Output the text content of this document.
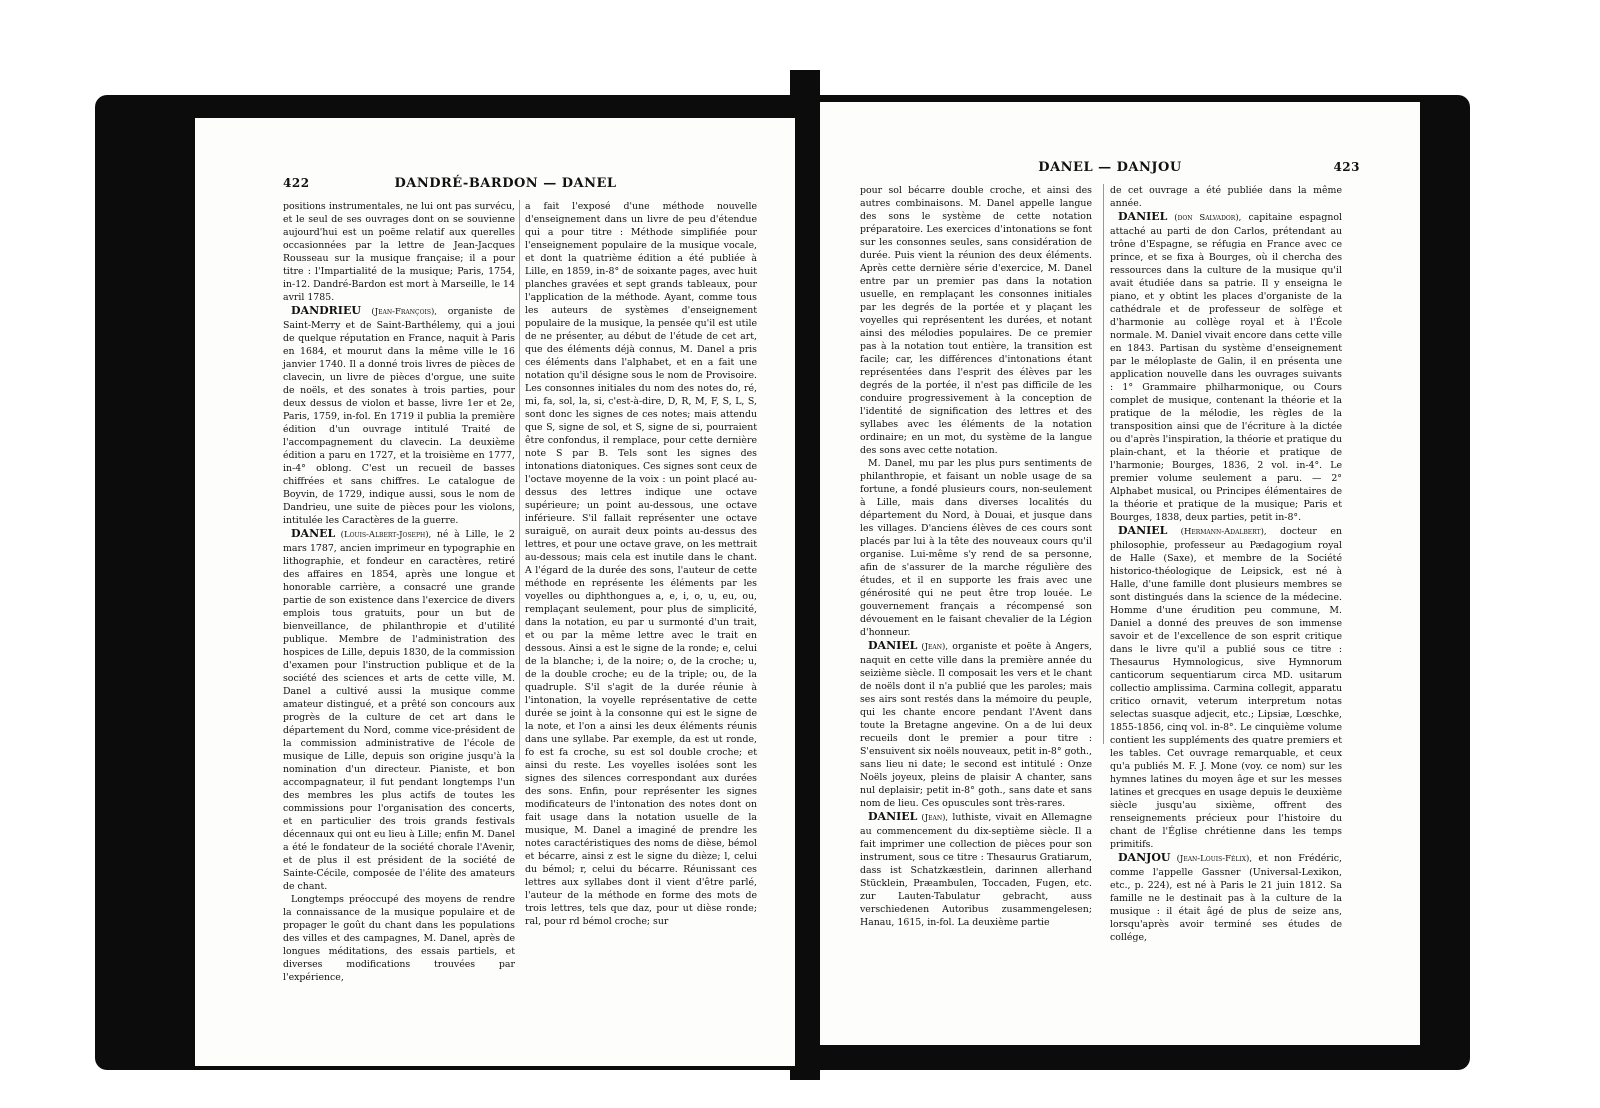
422	DANDRÉ-BARDON — DANEL

positions instrumentales, ne lui ont pas survécu, et le seul de ses ouvrages dont on se souvienne aujourd'hui est un poëme relatif aux querelles occasionnées par la lettre de Jean-Jacques Rousseau sur la musique française; il a pour titre : l'Impartialité de la musique; Paris, 1754, in-12. Dandré-Bardon est mort à Marseille, le 14 avril 1785.

DANDRIEU (Jean-François), organiste de Saint-Merry et de Saint-Barthélemy, qui a joui de quelque réputation en France, naquit à Paris en 1684, et mourut dans la même ville le 16 janvier 1740. Il a donné trois livres de pièces de clavecin, un livre de pièces d'orgue, une suite de noëls, et des sonates à trois parties, pour deux dessus de violon et basse, livre 1er et 2e, Paris, 1759, in-fol. En 1719 il publia la première édition d'un ouvrage intitulé Traité de l'accompagnement du clavecin. La deuxième édition a paru en 1727, et la troisième en 1777, in-4° oblong. C'est un recueil de basses chiffrées et sans chiffres. Le catalogue de Boyvin, de 1729, indique aussi, sous le nom de Dandrieu, une suite de pièces pour les violons, intitulée les Caractères de la guerre.

DANEL (Louis-Albert-Joseph), né à Lille, le 2 mars 1787, ancien imprimeur en typographie en lithographie, et fondeur en caractères, retiré des affaires en 1854, après une longue et honorable carrière, a consacré une grande partie de son existence dans l'exercice de divers emplois tous gratuits, pour un but de bienveillance, de philanthropie et d'utilité publique. Membre de l'administration des hospices de Lille, depuis 1830, de la commission d'examen pour l'instruction publique et de la société des sciences et arts de cette ville, M. Danel a cultivé aussi la musique comme amateur distingué, et a prêté son concours aux progrès de la culture de cet art dans le département du Nord, comme vice-président de la commission administrative de l'école de musique de Lille, depuis son origine jusqu'à la nomination d'un directeur. Pianiste, et bon accompagnateur, il fut pendant longtemps l'un des membres les plus actifs de toutes les commissions pour l'organisation des concerts, et en particulier des trois grands festivals décennaux qui ont eu lieu à Lille; enfin M. Danel a été le fondateur de la société chorale l'Avenir, et de plus il est président de la société de Sainte-Cécile, composée de l'élite des amateurs de chant.

Longtemps préoccupé des moyens de rendre la connaissance de la musique populaire et de propager le goût du chant dans les populations des villes et des campagnes, M. Danel, après de longues méditations, des essais partiels, et diverses modifications trouvées par l'expérience,

a fait l'exposé d'une méthode nouvelle d'enseignement dans un livre de peu d'étendue qui a pour titre : Méthode simplifiée pour l'enseignement populaire de la musique vocale, et dont la quatrième édition a été publiée à Lille, en 1859, in-8° de soixante pages, avec huit planches gravées et sept grands tableaux, pour l'application de la méthode. Ayant, comme tous les auteurs de systèmes d'enseignement populaire de la musique, la pensée qu'il est utile de ne présenter, au début de l'étude de cet art, que des éléments déjà connus, M. Danel a pris ces éléments dans l'alphabet, et en a fait une notation qu'il désigne sous le nom de Provisoire. Les consonnes initiales du nom des notes do, ré, mi, fa, sol, la, si, c'est-à-dire, D, R, M, F, S, L, S, sont donc les signes de ces notes; mais attendu que S, signe de sol, et S, signe de si, pourraient être confondus, il remplace, pour cette dernière note S par B. Tels sont les signes des intonations diatoniques. Ces signes sont ceux de l'octave moyenne de la voix : un point placé au-dessus des lettres indique une octave supérieure; un point au-dessous, une octave inférieure. S'il fallait représenter une octave suraiguë, on aurait deux points au-dessus des lettres, et pour une octave grave, on les mettrait au-dessous; mais cela est inutile dans le chant. A l'égard de la durée des sons, l'auteur de cette méthode en représente les éléments par les voyelles ou diphthongues a, e, i, o, u, eu, ou, remplaçant seulement, pour plus de simplicité, dans la notation, eu par u surmonté d'un trait, et ou par la même lettre avec le trait en dessous. Ainsi a est le signe de la ronde; e, celui de la blanche; i, de la noire; o, de la croche; u, de la double croche; eu de la triple; ou, de la quadruple. S'il s'agit de la durée réunie à l'intonation, la voyelle représentative de cette durée se joint à la consonne qui est le signe de la note, et l'on a ainsi les deux éléments réunis dans une syllabe. Par exemple, da est ut ronde, fo est fa croche, su est sol double croche; et ainsi du reste. Les voyelles isolées sont les signes des silences correspondant aux durées des sons. Enfin, pour représenter les signes modificateurs de l'intonation des notes dont on fait usage dans la notation usuelle de la musique, M. Danel a imaginé de prendre les notes caractéristiques des noms de dièse, bémol et bécarre, ainsi z est le signe du dièze; l, celui du bémol; r, celui du bécarre. Réunissant ces lettres aux syllabes dont il vient d'être parlé, l'auteur de la méthode en forme des mots de trois lettres, tels que daz, pour ut dièse ronde; ral, pour rd bémol croche; sur

DANEL — DANJOU	423

pour sol bécarre double croche, et ainsi des autres combinaisons. M. Danel appelle langue des sons le système de cette notation préparatoire. Les exercices d'intonations se font sur les consonnes seules, sans considération de durée. Puis vient la réunion des deux éléments. Après cette dernière série d'exercice, M. Danel entre par un premier pas dans la notation usuelle, en remplaçant les consonnes initiales par les degrés de la portée et y plaçant les voyelles qui représentent les durées, et notant ainsi des mélodies populaires. De ce premier pas à la notation tout entière, la transition est facile; car, les différences d'intonations étant représentées dans l'esprit des élèves par les degrés de la portée, il n'est pas difficile de les conduire progressivement à la conception de l'identité de signification des lettres et des syllabes avec les éléments de la notation ordinaire; en un mot, du système de la langue des sons avec cette notation.

M. Danel, mu par les plus purs sentiments de philanthropie, et faisant un noble usage de sa fortune, a fondé plusieurs cours, non-seulement à Lille, mais dans diverses localités du département du Nord, à Douai, et jusque dans les villages. D'anciens élèves de ces cours sont placés par lui à la tête des nouveaux cours qu'il organise. Lui-même s'y rend de sa personne, afin de s'assurer de la marche régulière des études, et il en supporte les frais avec une générosité qui ne peut être trop louée. Le gouvernement français a récompensé son dévouement en le faisant chevalier de la Légion d'honneur.

DANIEL (Jean), organiste et poëte à Angers, naquit en cette ville dans la première année du seizième siècle. Il composait les vers et le chant de noëls dont il n'a publié que les paroles; mais ses airs sont restés dans la mémoire du peuple, qui les chante encore pendant l'Avent dans toute la Bretagne angevine. On a de lui deux recueils dont le premier a pour titre : S'ensuivent six noëls nouveaux, petit in-8° goth., sans lieu ni date; le second est intitulé : Onze Noëls joyeux, pleins de plaisir A chanter, sans nul deplaisir; petit in-8° goth., sans date et sans nom de lieu. Ces opuscules sont très-rares.

DANIEL (Jean), luthiste, vivait en Allemagne au commencement du dix-septième siècle. Il a fait imprimer une collection de pièces pour son instrument, sous ce titre : Thesaurus Gratiarum, dass ist Schatzkæstlein, darinnen allerhand Stücklein, Præambulen, Toccaden, Fugen, etc. zur Lauten-Tabulatur gebracht, auss verschiedenen Autoribus zusammengelesen; Hanau, 1615, in-fol. La deuxième partie

de cet ouvrage a été publiée dans la même année.

DANIEL (don Salvador), capitaine espagnol attaché au parti de don Carlos, prétendant au trône d'Espagne, se réfugia en France avec ce prince, et se fixa à Bourges, où il chercha des ressources dans la culture de la musique qu'il avait étudiée dans sa patrie. Il y enseigna le piano, et y obtint les places d'organiste de la cathédrale et de professeur de solfège et d'harmonie au collège royal et à l'École normale. M. Daniel vivait encore dans cette ville en 1843. Partisan du système d'enseignement par le méloplaste de Galin, il en présenta une application nouvelle dans les ouvrages suivants : 1° Grammaire philharmonique, ou Cours complet de musique, contenant la théorie et la pratique de la mélodie, les règles de la transposition ainsi que de l'écriture à la dictée ou d'après l'inspiration, la théorie et pratique du plain-chant, et la théorie et pratique de l'harmonie; Bourges, 1836, 2 vol. in-4°. Le premier volume seulement a paru. — 2° Alphabet musical, ou Principes élémentaires de la théorie et pratique de la musique; Paris et Bourges, 1838, deux parties, petit in-8°.

DANIEL (Hermann-Adalbert), docteur en philosophie, professeur au Pædagogium royal de Halle (Saxe), et membre de la Société historico-théologique de Leipsick, est né à Halle, d'une famille dont plusieurs membres se sont distingués dans la science de la médecine. Homme d'une érudition peu commune, M. Daniel a donné des preuves de son immense savoir et de l'excellence de son esprit critique dans le livre qu'il a publié sous ce titre : Thesaurus Hymnologicus, sive Hymnorum canticorum sequentiarum circa MD. usitarum collectio amplissima. Carmina collegit, apparatu critico ornavit, veterum interpretum notas selectas suasque adjecit, etc.; Lipsiæ, Lœschke, 1855-1856, cinq vol. in-8°. Le cinquième volume contient les suppléments des quatre premiers et les tables. Cet ouvrage remarquable, et ceux qu'a publiés M. F. J. Mone (voy. ce nom) sur les hymnes latines du moyen âge et sur les messes latines et grecques en usage depuis le deuxième siècle jusqu'au sixième, offrent des renseignements précieux pour l'histoire du chant de l'Église chrétienne dans les temps primitifs.

DANJOU (Jean-Louis-Félix), et non Frédéric, comme l'appelle Gassner (Universal-Lexikon, etc., p. 224), est né à Paris le 21 juin 1812. Sa famille ne le destinait pas à la culture de la musique : il était âgé de plus de seize ans, lorsqu'après avoir terminé ses études de collége,
